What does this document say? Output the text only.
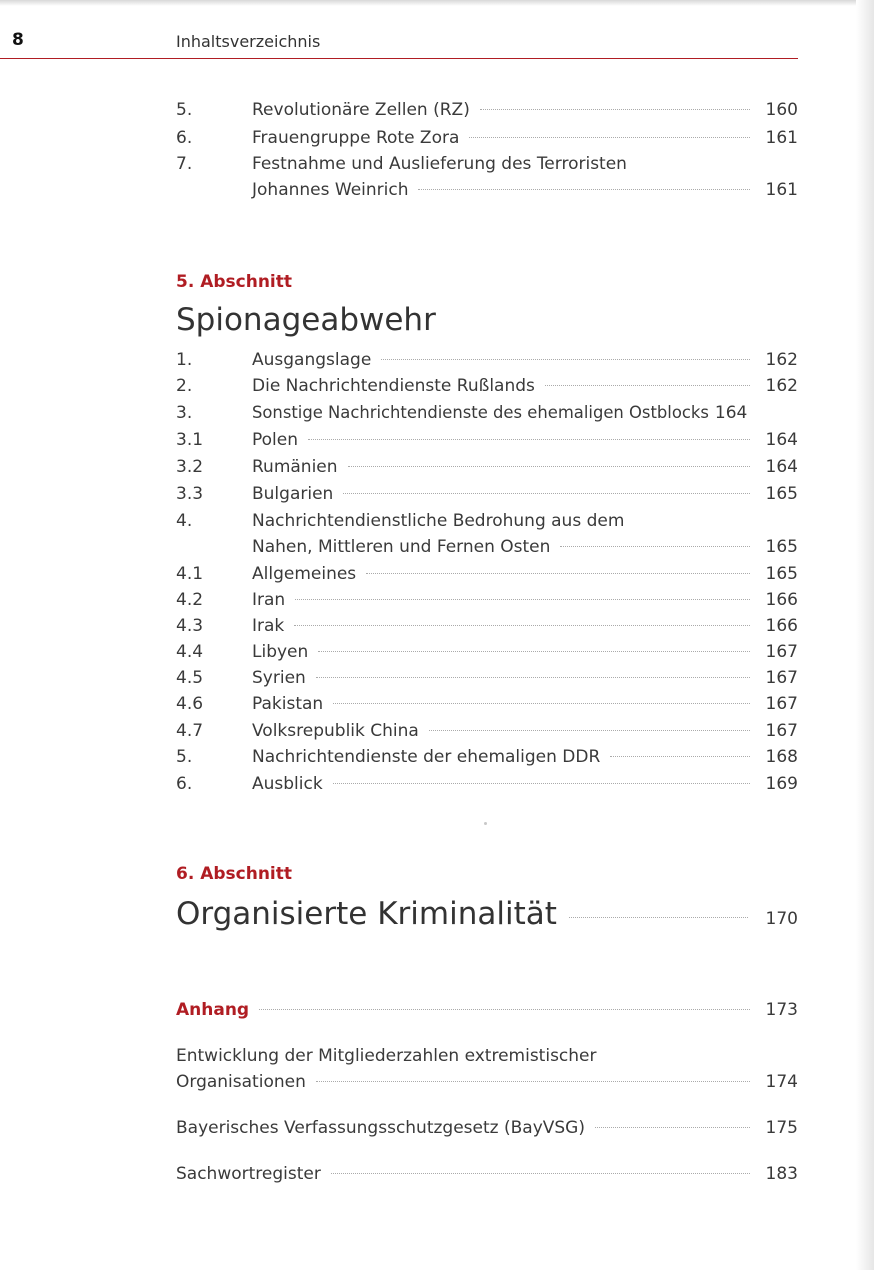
8	Inhaltsverzeichnis
5.	Revolutionäre Zellen (RZ)	160
6.	Frauengruppe Rote Zora	161
7.	Festnahme und Auslieferung des Terroristen
Johannes Weinrich	161
5. Abschnitt
Spionageabwehr
1.	Ausgangslage	162
2.	Die Nachrichtendienste Rußlands	162
3.	Sonstige Nachrichtendienste des ehemaligen Ostblocks 164
3.1	Polen	164
3.2	Rumänien	164
3.3	Bulgarien	165
4.	Nachrichtendienstliche Bedrohung aus dem
Nahen, Mittleren und Fernen Osten	165
4.1	Allgemeines	165
4.2	Iran	166
4.3	Irak	166
4.4	Libyen	167
4.5	Syrien	167
4.6	Pakistan	167
4.7	Volksrepublik China	167
5.	Nachrichtendienste der ehemaligen DDR	168
6.	Ausblick	169
6. Abschnitt
Organisierte Kriminalität	170
Anhang	173
Entwicklung der Mitgliederzahlen extremistischer
Organisationen	174
Bayerisches Verfassungsschutzgesetz (BayVSG)	175
Sachwortregister	183
